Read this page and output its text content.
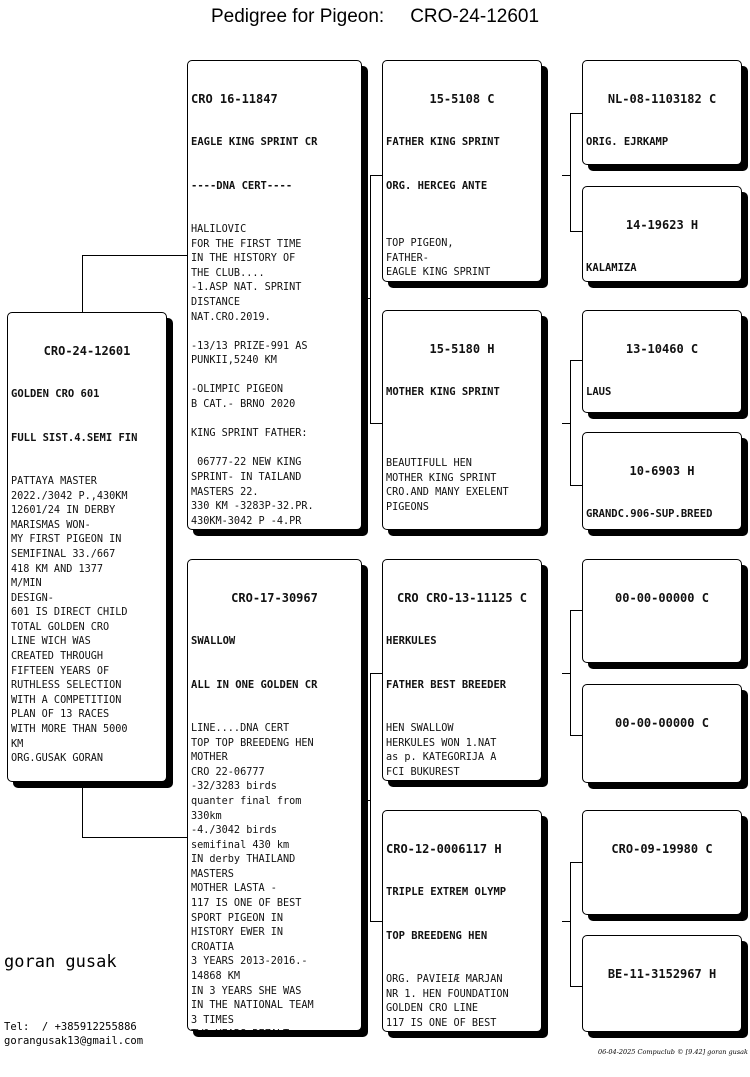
Pedigree for Pigeon: CRO-24-12601

CRO-24-12601

GOLDEN CRO 601

FULL SIST.4.SEMI FIN

PATTAYA MASTER
2022./3042 P.,430KM
12601/24 IN DERBY
MARISMAS WON-
MY FIRST PIGEON IN
SEMIFINAL 33./667
418 KM AND 1377
M/MIN
DESIGN-
601 IS DIRECT CHILD
TOTAL GOLDEN CRO
LINE WICH WAS
CREATED THROUGH
FIFTEEN YEARS OF
RUTHLESS SELECTION
WITH A COMPETITION
PLAN OF 13 RACES
WITH MORE THAN 5000
KM
ORG.GUSAK GORAN

CRO 16-11847

EAGLE KING SPRINT CR

----DNA CERT----

HALILOVIC
FOR THE FIRST TIME
IN THE HISTORY OF
THE CLUB....
-1.ASP NAT. SPRINT
DISTANCE
NAT.CRO.2019.

-13/13 PRIZE-991 AS
PUNKII,5240 KM

-OLIMPIC PIGEON
B CAT.- BRNO 2020

KING SPRINT FATHER:

06777-22 NEW KING
SPRINT- IN TAILAND
MASTERS 22.
330 KM -3283P-32.PR.
430KM-3042 P -4.PR

CRO-17-30967

SWALLOW

ALL IN ONE GOLDEN CR

LINE....DNA CERT
TOP TOP BREEDENG HEN
MOTHER
CRO 22-06777
-32/3283 birds
quanter final from
330km
-4./3042 birds
semifinal 430 km
IN derby THAILAND
MASTERS
MOTHER LASTA -
117 IS ONE OF BEST
SPORT PIGEON IN
HISTORY EWER IN
CROATIA
3 YEARS 2013-2016.-
14868 KM
IN 3 YEARS SHE WAS
IN THE NATIONAL TEAM
3 TIMES

15-5108 C

FATHER KING SPRINT

ORG. HERCEG ANTE

TOP PIGEON,
FATHER-
EAGLE KING SPRINT

15-5180 H

MOTHER KING SPRINT

BEAUTIFULL HEN
MOTHER KING SPRINT
CRO.AND MANY EXELENT
PIGEONS

CRO CRO-13-11125 C

HERKULES

FATHER BEST BREEDER

HEN SWALLOW
HERKULES WON 1.NAT
as p. KATEGORIJA A
FCI BUKUREST

CRO-12-0006117 H

TRIPLE EXTREM OLYMP

TOP BREEDENG HEN

ORG. PAVIEIÆ MARJAN
NR 1. HEN FOUNDATION
GOLDEN CRO LINE
117 IS ONE OF BEST

NL-08-1103182 C

ORIG. EJRKAMP

14-19623 H

KALAMIZA

13-10460 C

LAUS

10-6903 H

GRANDC.906-SUP.BREED

00-00-00000 C

00-00-00000 C

CRO-09-19980 C

BE-11-3152967 H

goran gusak
Tel:  / +385912255886
gorangusak13@gmail.com
06-04-2025 Compuclub © [9.42] goran gusak
